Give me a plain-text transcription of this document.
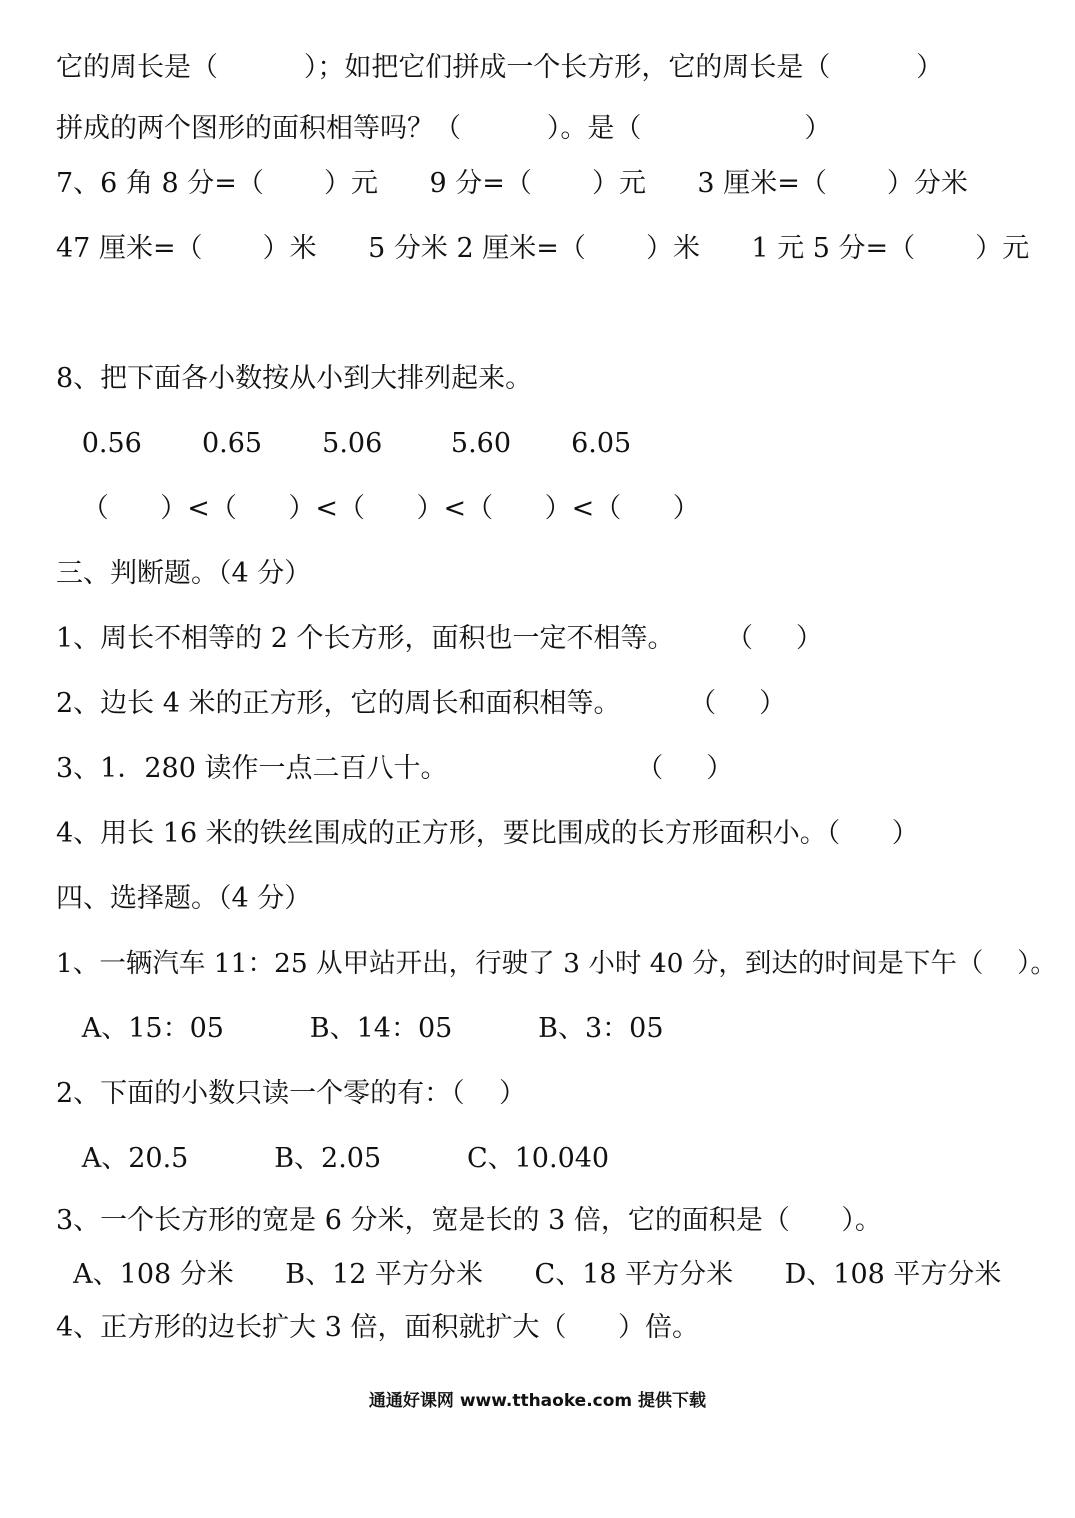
它的周长是（          ）；如把它们拼成一个长方形，它的周长是（          ）
拼成的两个图形的面积相等吗？（          ）。是（                   ）
7、6 角 8 分=（       ）元      9 分=（       ）元      3 厘米=（       ）分米
47 厘米=（       ）米      5 分米 2 厘米=（       ）米      1 元 5 分=（       ）元
8、把下面各小数按从小到大排列起来。
0.56       0.65       5.06        5.60       6.05
（      ）<（      ）<（      ）<（      ）<（      ）
三、判断题。（4 分）
1、周长不相等的 2 个长方形，面积也一定不相等。      （     ）
2、边长 4 米的正方形，它的周长和面积相等。        （     ）
3、1．280 读作一点二百八十。                      （     ）
4、用长 16 米的铁丝围成的正方形，要比围成的长方形面积小。（      ）
四、选择题。（4 分）
1、一辆汽车 11：25 从甲站开出，行驶了 3 小时 40 分，到达的时间是下午（    ）。
A、15：05          B、14：05          B、3：05
2、下面的小数只读一个零的有：（    ）
A、20.5          B、2.05          C、10.040
3、一个长方形的宽是 6 分米，宽是长的 3 倍，它的面积是（      ）。
A、108 分米      B、12 平方分米      C、18 平方分米      D、108 平方分米
4、正方形的边长扩大 3 倍，面积就扩大（      ）倍。
通通好课网 www.tthaoke.com 提供下载
